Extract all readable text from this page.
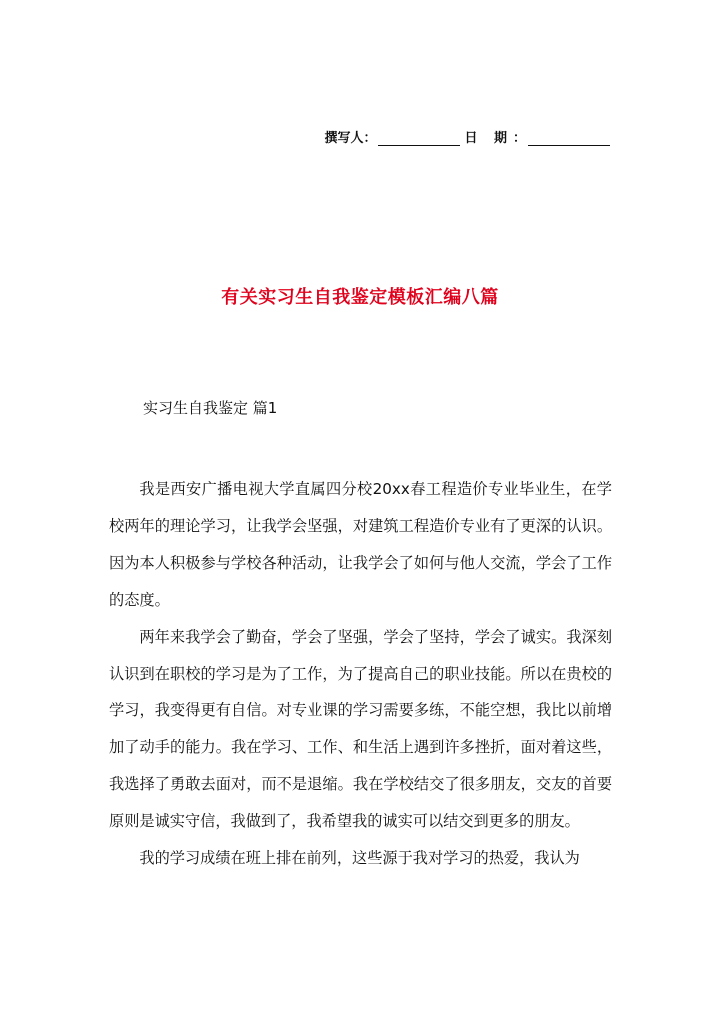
撰写人：	日 期：
有关实习生自我鉴定模板汇编八篇
实习生自我鉴定 篇1

我是西安广播电视大学直属四分校20xx春工程造价专业毕业生，在学校两年的理论学习，让我学会坚强，对建筑工程造价专业有了更深的认识。因为本人积极参与学校各种活动，让我学会了如何与他人交流，学会了工作的态度。

两年来我学会了勤奋，学会了坚强，学会了坚持，学会了诚实。我深刻认识到在职校的学习是为了工作，为了提高自己的职业技能。所以在贵校的学习，我变得更有自信。对专业课的学习需要多练，不能空想，我比以前增加了动手的能力。我在学习、工作、和生活上遇到许多挫折，面对着这些，我选择了勇敢去面对，而不是退缩。我在学校结交了很多朋友，交友的首要原则是诚实守信，我做到了，我希望我的诚实可以结交到更多的朋友。

我的学习成绩在班上排在前列，这些源于我对学习的热爱，我认为
